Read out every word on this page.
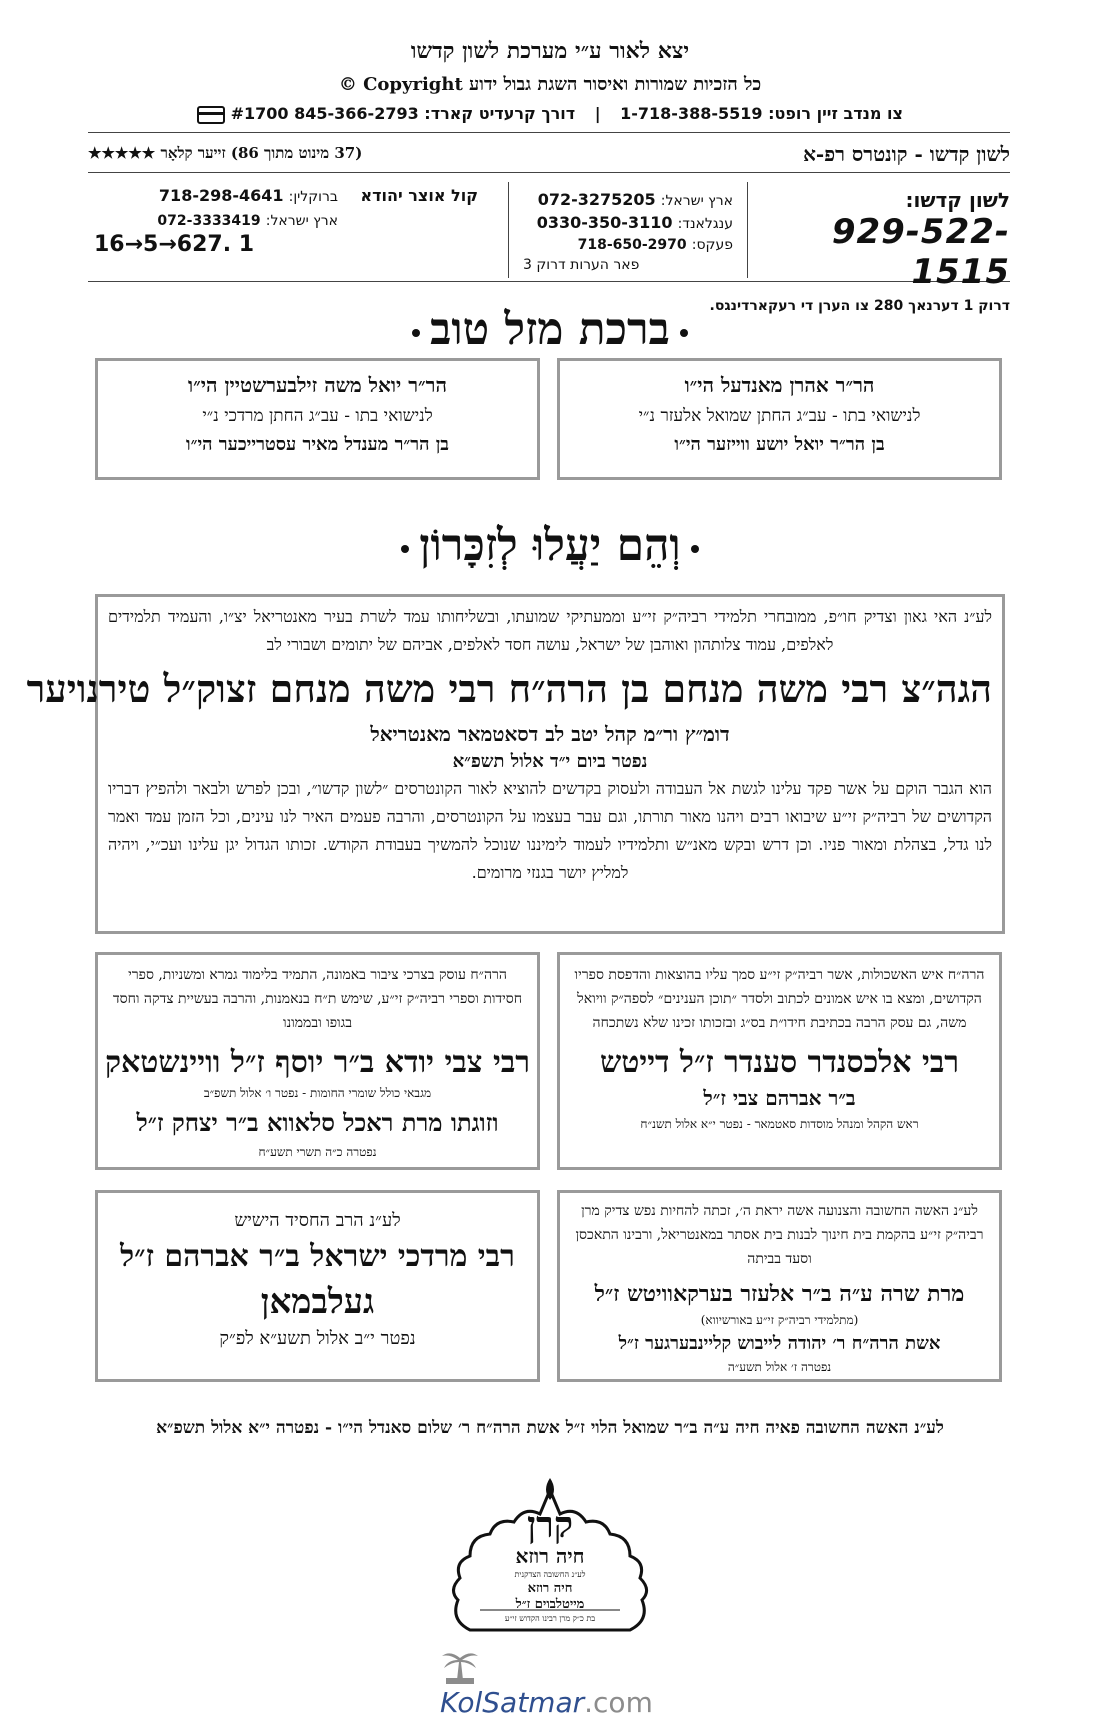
יצא לאור ע״י מערכת לשון קדשו
כל הזכיות שמורות ואיסור השגת גבול ידוע Copyright ©
צו מנדב זיין רופט: 1-718-388-5519 | דורך קרעדיט קארד: 845-366-2793 #1700
לשון קדשו - קונטרס רפ-א
(37 מינוט מתוך 86) זייער קלאָר ★★★★★
לשון קדשו:
929-522-1515
דרוק 1 דערנאך 280 צו הערן די רעקארדינגס.
ארץ ישראל: 072-3275205
ענגלאנד: 0330-350-3110
פעקס: 718-650-2970
פאר הערות דרוק 3
קול אוצר יהודא
ברוקלין: 718-298-4641
ארץ ישראל: 072-3333419
16→5→627. 1
ברכת מזל טוב
הר״ר אהרן מאנדעל הי״ו
לנישואי בתו - עב״ג החתן שמואל אלעזר נ״י
בן הר״ר יואל יושע ווייזער הי״ו
הר״ר יואל משה זילבערשטיין הי״ו
לנישואי בתו - עב״ג החתן מרדכי נ״י
בן הר״ר מענדל מאיר עסטרייכער הי״ו
וְהֵם יַעֲלוּ לְזִכָּרוֹן
לע״נ האי גאון וצדיק חו״פ, ממובחרי תלמידי רביה״ק זי״ע וממעתיקי שמועתו, ובשליחותו עמד לשרת בעיר מאנטריאל יצ״ו, והעמיד תלמידים לאלפים, עמוד צלותהון ואוהבן של ישראל, עושה חסד לאלפים, אביהם של יתומים ושבורי לב
הגה״צ רבי משה מנחם בן הרה״ח רבי משה מנחם זצוק״ל טירנויער
דומ״ץ ור״מ קהל יטב לב דסאטמאר מאנטריאל
נפטר ביום י״ד אלול תשפ״א
הוא הגבר הוקם על אשר פקד עלינו לגשת אל העבודה ולעסוק בקדשים להוציא לאור הקונטרסים ״לשון קדשו״, ובכן לפרש ולבאר ולהפיץ דבריו הקדושים של רביה״ק זי״ע שיבואו רבים ויהנו מאור תורתו, וגם עבר בעצמו על הקונטרסים, והרבה פעמים האיר לנו עינים, וכל הזמן עמד ואמר לנו גדל, בצהלת ומאור פניו. וכן דרש ובקש מאנ״ש ותלמידיו לעמוד לימיננו שנוכל להמשיך בעבודת הקודש. זכותו הגדול יגן עלינו ועכ״י, ויהיה למליץ יושר בגנזי מרומים.
הרה״ח איש האשכולות, אשר רביה״ק זי״ע סמך עליו בהוצאות והדפסת ספריו הקדושים, ומצא בו איש אמונים לכתוב ולסדר ״תוכן הענינים״ לספה״ק וויואל משה, גם עסק הרבה בכתיבת חידו״ת בס״ג ובזכותו זכינו שלא נשתכחה
רבי אלכסנדר סענדר ז״ל דייטש
ב״ר אברהם צבי ז״ל
ראש הקהל ומנהל מוסדות סאטמאר - נפטר י״א אלול תשנ״ח
הרה״ח עוסק בצרכי ציבור באמונה, התמיד בלימוד גמרא ומשניות, ספרי חסידות וספרי רביה״ק זי״ע, שימש ת״ח בנאמנות, והרבה בעשיית צדקה וחסד בגופו ובממונו
רבי צבי יודא ב״ר יוסף ז״ל וויינשטאק
מגבאי כולל שומרי החומות - נפטר ו׳ אלול תשפ״ב
וזוגתו מרת ראכל סלאווא ב״ר יצחק ז״ל
נפטרה כ״ה תשרי תשע״ח
לע״נ האשה החשובה והצנועה אשה יראת ה׳, זכתה להחיות נפש צדיק מרן רביה״ק זי״ע בהקמת בית חינוך לבנות בית אסתר במאנטריאל, ורבינו התאכסן וסעד בביתה
מרת שרה ע״ה ב״ר אלעזר בערקאוויטש ז״ל
(מתלמידי רביה״ק זי״ע באורשיווא)
אשת הרה״ח ר׳ יהודה לייבוש קליינבערגער ז״ל
נפטרה ז׳ אלול תשע״ה
לע״נ הרב החסיד הישיש
רבי מרדכי ישראל ב״ר אברהם ז״ל
געלבמאן
נפטר י״ב אלול תשע״א לפ״ק
לע״נ האשה החשובה פאיה חיה ע״ה ב״ר שמואל הלוי ז״ל אשת הרה״ח ר׳ שלום סאנדל הי״ו - נפטרה י״א אלול תשפ״א
קרן
חיה רוזא
לע״נ החשובה הצדקנית
חיה רוזא
מייטלבוים ז״ל
בת כ״ק מרן רבינו הקדוש זי״ע
KolSatmar.com
